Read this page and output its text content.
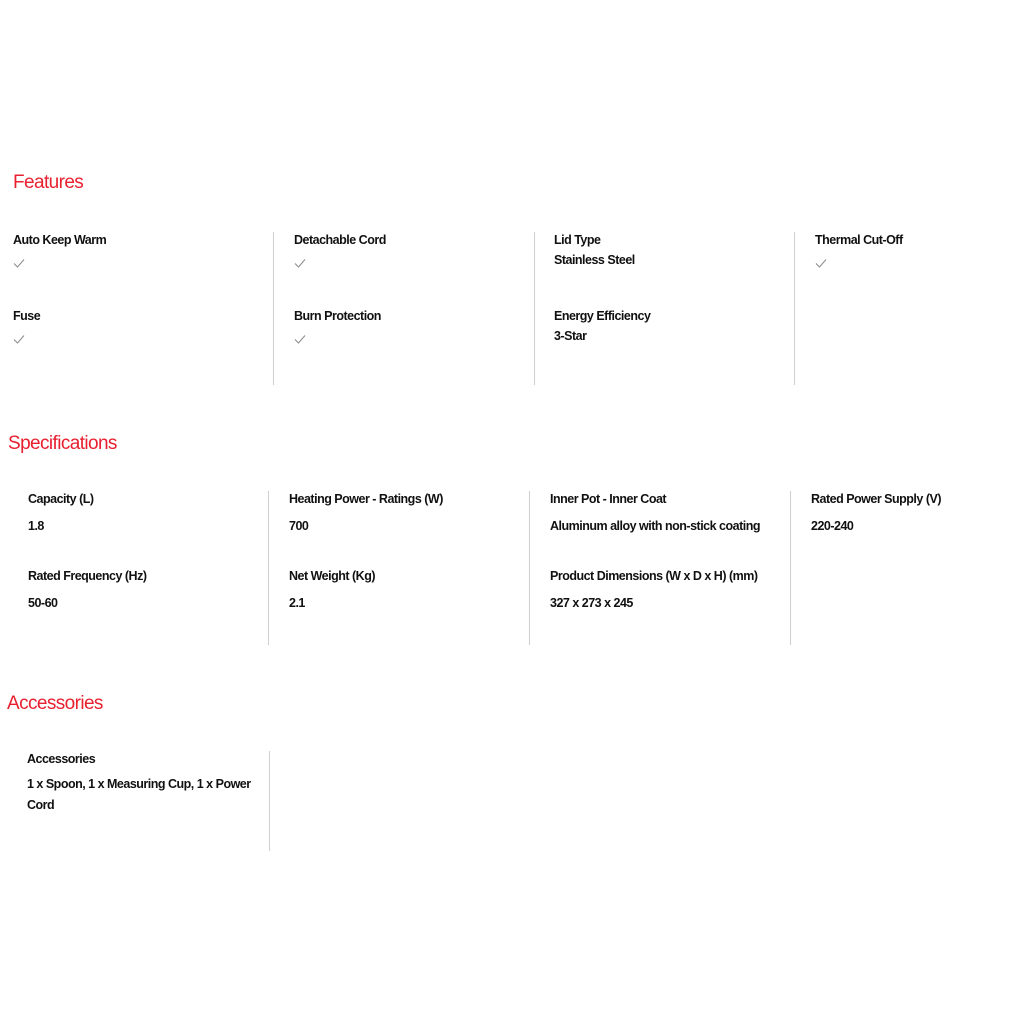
Features
Auto Keep Warm
Fuse
Detachable Cord
Burn Protection
Lid Type
Stainless Steel
Energy Efficiency
3-Star
Thermal Cut-Off
Specifications
Capacity (L)
1.8
Rated Frequency (Hz)
50-60
Heating Power - Ratings (W)
700
Net Weight (Kg)
2.1
Inner Pot - Inner Coat
Aluminum alloy with non-stick coating
Product Dimensions (W x D x H) (mm)
327 x 273 x 245
Rated Power Supply (V)
220-240
Accessories
Accessories
1 x Spoon, 1 x Measuring Cup, 1 x Power Cord
